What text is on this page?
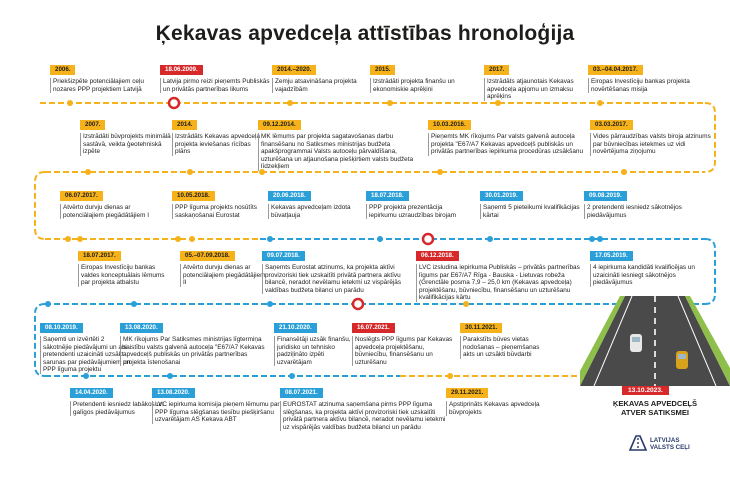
Ķekavas apvedceļa attīstības hronoloģija
2006.
Priekšizpēte potenciālajiem ceļu nozares PPP projektiem Latvijā
18.06.2009.
Latvija pirmo reizi pieņemts Publiskās un privātās partnerības likums
2014.–2020.
Zemju atsavināšana projekta vajadzībām
2015.
Izstrādāti projekta finanšu un ekonomiskie aprēķini
2017.
Izstrādāts atjaunotais Kekavas apvedceļa apjomu un izmaksu aprēķins
03.–04.04.2017.
Eiropas Investīciju bankas projekta novērtēšanas misija
2007.
Izstrādāti būvprojekts minimālā sastāvā, veikta ģeotehniskā izpēte
2014.
Izstrādāts Kekavas apvedceļa projekta ieviešanas rīcības plāns
09.12.2014.
MK lēmums par projekta sagatavošanas darbu finansēšanu no Satiksmes ministrijas budžeta apakšprogrammai Valsts autoceļu pārvaldīšana, uzturēšana un atjaunošana piešķirtiem valsts budžeta līdzekļiem
10.03.2016.
Pieņemts MK rīkojums Par valsts galvenā autoceļa projekta "E67/A7 Kekavas apvedceļš publiskās un privātās partnerības iepirkuma procedūras uzsākšanu
03.03.2017.
Vides pārraudzības valsts biroja atzinums par būvniecības ietekmes uz vidi novērtējuma ziņojumu
06.07.2017.
Atvērto durvju dienas ar potenciālajiem piegādātājiem I
10.05.2018.
PPP līguma projekts nosūtīts saskaņošanai Eurostat
20.06.2018.
Kekavas apvedceļam izdota būvatļauja
18.07.2018.
PPP projekta prezentācija iepirkumu uzraudzības birojam
30.01.2019.
Saņemti 5 pieteikumi kvalifikācijas kārtai
09.08.2019.
2 pretendenti iesniedz sākotnējos piedāvājumus
18.07.2017.
Eiropas Investīciju bankas valdes konceptuālais lēmums par projekta atbalstu
05.–07.09.2018.
Atvērto durvju dienas ar potenciālajiem piegādātājiem II
09.07.2018.
Saņemts Eurostat atzinums, ka projekta aktīvi provizoriski tiek uzskaitīti privātā partnera aktīvu bilancē, neradot nevēlamu ietekmi uz vispārējās valdības budžeta bilanci un parādu
06.12.2018.
LVC izsludina iepirkuma Publiskās – privātās partnerības līgums par E67/A7 Rīga - Bauska - Lietuvas robeža (Grenctāle posma 7,9 – 25,0 km (Kekavas apvedceļa) projektēšanu, būvniecību, finansēšanu un uzturēšanu kvalifikācijas kārtu
17.05.2019.
4 iepirkuma kandidāti kvalificējas un uzaicināti iesniegt sākotnējos piedāvājumus
08.10.2019.
Saņemti un izvērtēti 2 sākotnējie piedāvājumi un abi pretendenti uzaicināti uzsākt sarunas par piedāvājumiem un PPP līguma projektu
13.08.2020.
MK rīkojums Par Satiksmes ministrijas līgtermiņa saistību valsts galvenā autoceļa "E67/A7 Kekavas apvedceļš publiskās un privātās partnerības projekta īstenošanai
21.10.2020.
Finansētāji uzsāk finanšu, juridisko un tehnisko padziļināto izpēti uzvarētājam
16.07.2021.
Noslēgts PPP līgums par Kekavas apvedceļa projektēšanu, būvniecību, finansēšanu un uzturēšanu
30.11.2021.
Parakstīts būves vietas nodošanas – pieņemšanas akts un uzsākti būvdarbi
14.04.2020.
Pretendenti iesniedz labākos un galīgos piedāvājumus
13.08.2020.
LVC iepirkuma komisija pieņem lēmumu par PPP līguma slēgšanas tiesību piešķiršanu uzvarētājam AS Kekava ABT
08.07.2021.
EUROSTAT atzinuma saņemšana pirms PPP līguma slēgšanas, ka projekta aktīvi provizoriski tiek uzskaitīti privātā partnera aktīvu bilancē, neradot nevēlamu ietekmi uz vispārējās valdības budžeta bilanci un parādu
29.11.2021.
Apstiprināts Kekavas apvedceļa būvprojekts
13.10.2023.
ĶEKAVAS APVEDCEĻŠ
ATVER SATIKSMEI
LATVIJAS
VALSTS CEĻI
